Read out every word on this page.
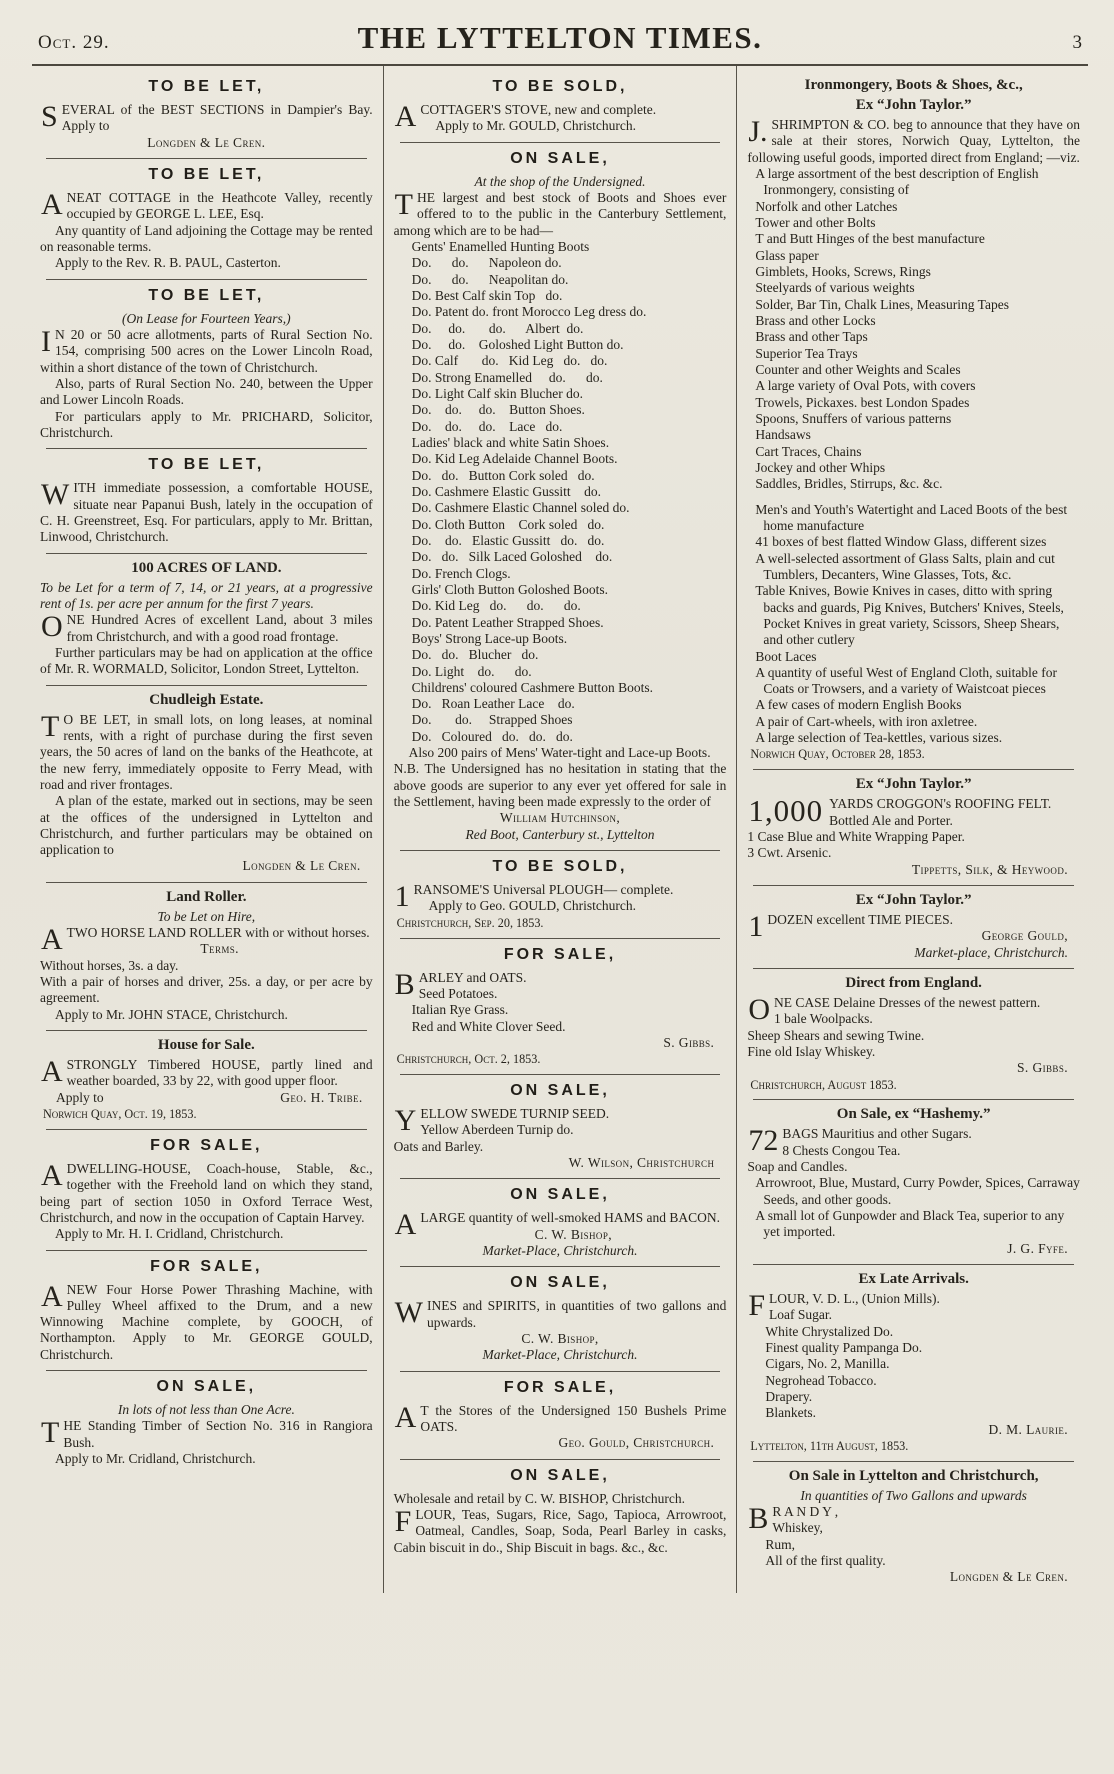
Oct. 29.	THE LYTTELTON TIMES.	3
TO BE LET,

SEVERAL of the BEST SECTIONS in Dampier's Bay. Apply to

Longden & Le Cren.

TO BE LET,

ANEAT COTTAGE in the Heathcote Valley, recently occupied by GEORGE L. LEE, Esq.

Any quantity of Land adjoining the Cottage may be rented on reasonable terms.

Apply to the Rev. R. B. PAUL, Casterton.

TO BE LET,

(On Lease for Fourteen Years,)

I N 20 or 50 acre allotments, parts of Rural Section No. 154, comprising 500 acres on the Lower Lincoln Road, within a short distance of the town of Christchurch.

Also, parts of Rural Section No. 240, between the Upper and Lower Lincoln Roads.

For particulars apply to Mr. PRICHARD, Solicitor, Christchurch.

TO BE LET,

WITH immediate possession, a comfortable HOUSE, situate near Papanui Bush, lately in the occupation of C. H. Greenstreet, Esq. For particulars, apply to Mr. Brittan, Linwood, Christchurch.

100 ACRES OF LAND.

To be Let for a term of 7, 14, or 21 years, at a progressive rent of 1s. per acre per annum for the first 7 years.

ONE Hundred Acres of excellent Land, about 3 miles from Christchurch, and with a good road frontage.

Further particulars may be had on application at the office of Mr. R. WORMALD, Solicitor, London Street, Lyttelton.

Chudleigh Estate.

T O BE LET, in small lots, on long leases, at nominal rents, with a right of purchase during the first seven years, the 50 acres of land on the banks of the Heathcote, at the new ferry, immediately opposite to Ferry Mead, with road and river frontages.

A plan of the estate, marked out in sections, may be seen at the offices of the undersigned in Lyttelton and Christchurch, and further particulars may be obtained on application to

Longden & Le Cren.

Land Roller.

To be Let on Hire,

ATWO HORSE LAND ROLLER with or without horses.

Terms.

Without horses, 3s. a day.

With a pair of horses and driver, 25s. a day, or per acre by agreement.

Apply to Mr. JOHN STACE, Christchurch.

House for Sale.

ASTRONGLY Timbered HOUSE, partly lined and weather boarded, 33 by 22, with good upper floor.

Apply to	Geo. H. Tribe.

Norwich Quay, Oct. 19, 1853.

FOR SALE,

ADWELLING-HOUSE, Coach-house, Stable, &c., together with the Freehold land on which they stand, being part of section 1050 in Oxford Terrace West, Christchurch, and now in the occupation of Captain Harvey.

Apply to Mr. H. I. Cridland, Christchurch.

FOR SALE,

ANEW Four Horse Power Thrashing Machine, with Pulley Wheel affixed to the Drum, and a new Winnowing Machine complete, by GOOCH, of Northampton. Apply to Mr. GEORGE GOULD, Christchurch.

ON SALE,

In lots of not less than One Acre.

THE Standing Timber of Section No. 316 in Rangiora Bush.

Apply to Mr. Cridland, Christchurch.

TO BE SOLD,

ACOTTAGER'S STOVE, new and complete.

Apply to Mr. GOULD, Christchurch.

ON SALE,

At the shop of the Undersigned.

THE largest and best stock of Boots and Shoes ever offered to to the public in the Canterbury Settlement, among which are to be had—

Gents' Enamelled Hunting Boots

Do.      do.      Napoleon do.

Do.      do.      Neapolitan do.

Do. Best Calf skin Top   do.

Do. Patent do. front Morocco Leg dress do.

Do.     do.       do.      Albert  do.

Do.     do.    Goloshed Light Button do.

Do. Calf       do.   Kid Leg   do.   do.

Do. Strong Enamelled     do.      do.

Do. Light Calf skin Blucher do.

Do.    do.     do.    Button Shoes.

Do.    do.     do.    Lace   do.

Ladies' black and white Satin Shoes.

Do. Kid Leg Adelaide Channel Boots.

Do.   do.   Button Cork soled   do.

Do. Cashmere Elastic Gussitt    do.

Do. Cashmere Elastic Channel soled do.

Do. Cloth Button    Cork soled   do.

Do.    do.   Elastic Gussitt   do.   do.

Do.   do.   Silk Laced Goloshed    do.

Do. French Clogs.

Girls' Cloth Button Goloshed Boots.

Do. Kid Leg   do.      do.      do.

Do. Patent Leather Strapped Shoes.

Boys' Strong Lace-up Boots.

Do.   do.   Blucher   do.

Do. Light    do.      do.

Childrens' coloured Cashmere Button Boots.

Do.   Roan Leather Lace    do.

Do.       do.     Strapped Shoes

Do.   Coloured   do.   do.   do.

Also 200 pairs of Mens' Water-tight and Lace-up Boots.

N.B. The Undersigned has no hesitation in stating that the above goods are superior to any ever yet offered for sale in the Settlement, having been made expressly to the order of

William Hutchinson,

Red Boot, Canterbury st., Lyttelton

TO BE SOLD,

1 RANSOME'S Universal PLOUGH— complete.

Apply to Geo. GOULD, Christchurch.

Christchurch, Sep. 20, 1853.

FOR SALE,

BARLEY and OATS.

Seed Potatoes.

Italian Rye Grass.

Red and White Clover Seed.

S. Gibbs.

Christchurch, Oct. 2, 1853.

ON SALE,

YELLOW SWEDE TURNIP SEED.

Yellow Aberdeen Turnip do.

Oats and Barley.

W. Wilson, Christchurch

ON SALE,

ALARGE quantity of well-smoked HAMS and BACON.

C. W. Bishop,

Market-Place, Christchurch.

ON SALE,

WINES and SPIRITS, in quantities of two gallons and upwards.

C. W. Bishop,

Market-Place, Christchurch.

FOR SALE,

A T the Stores of the Undersigned 150 Bushels Prime OATS.

Geo. Gould, Christchurch.

ON SALE,

Wholesale and retail by C. W. BISHOP, Christchurch.

FLOUR, Teas, Sugars, Rice, Sago, Tapioca, Arrowroot, Oatmeal, Candles, Soap, Soda, Pearl Barley in casks, Cabin biscuit in do., Ship Biscuit in bags. &c., &c.

Ironmongery, Boots & Shoes, &c.,
Ex “John Taylor.”

J. SHRIMPTON & CO. beg to announce that they have on sale at their stores, Norwich Quay, Lyttelton, the following useful goods, imported direct from England; —viz.

A large assortment of the best description of English Ironmongery, consisting of

Norfolk and other Latches

Tower and other Bolts

T and Butt Hinges of the best manufacture

Glass paper

Gimblets, Hooks, Screws, Rings

Steelyards of various weights

Solder, Bar Tin, Chalk Lines, Measuring Tapes

Brass and other Locks

Brass and other Taps

Superior Tea Trays

Counter and other Weights and Scales

A large variety of Oval Pots, with covers

Trowels, Pickaxes. best London Spades

Spoons, Snuffers of various patterns

Handsaws

Cart Traces, Chains

Jockey and other Whips

Saddles, Bridles, Stirrups, &c. &c.

Men's and Youth's Watertight and Laced Boots of the best home manufacture

41 boxes of best flatted Window Glass, different sizes

A well-selected assortment of Glass Salts, plain and cut Tumblers, Decanters, Wine Glasses, Tots, &c.

Table Knives, Bowie Knives in cases, ditto with spring backs and guards, Pig Knives, Butchers' Knives, Steels, Pocket Knives in great variety, Scissors, Sheep Shears, and other cutlery

Boot Laces

A quantity of useful West of England Cloth, suitable for Coats or Trowsers, and a variety of Waistcoat pieces

A few cases of modern English Books

A pair of Cart-wheels, with iron axletree.

A large selection of Tea-kettles, various sizes.

Norwich Quay, October 28, 1853.

Ex “John Taylor.”

1,000 YARDS CROGGON's ROOFING FELT.

Bottled Ale and Porter.

1 Case Blue and White Wrapping Paper.

3 Cwt. Arsenic.

Tippetts, Silk, & Heywood.

Ex “John Taylor.”

1 DOZEN excellent TIME PIECES.

George Gould,

Market-place, Christchurch.

Direct from England.

ONE CASE Delaine Dresses of the newest pattern.

1 bale Woolpacks.

Sheep Shears and sewing Twine.

Fine old Islay Whiskey.

S. Gibbs.

Christchurch, August 1853.

On Sale, ex “Hashemy.”

72 BAGS Mauritius and other Sugars.

8 Chests Congou Tea.

Soap and Candles.

Arrowroot, Blue, Mustard, Curry Powder, Spices, Carraway Seeds, and other goods.

A small lot of Gunpowder and Black Tea, superior to any yet imported.

J. G. Fyfe.

Ex Late Arrivals.

FLOUR, V. D. L., (Union Mills).

Loaf Sugar.

White Chrystalized Do.

Finest quality Pampanga Do.

Cigars, No. 2, Manilla.

Negrohead Tobacco.

Drapery.

Blankets.

D. M. Laurie.

Lyttelton, 11th August, 1853.

On Sale in Lyttelton and Christchurch,

In quantities of Two Gallons and upwards

B R A N D Y ,

Whiskey,

Rum,

All of the first quality.

Longden & Le Cren.
